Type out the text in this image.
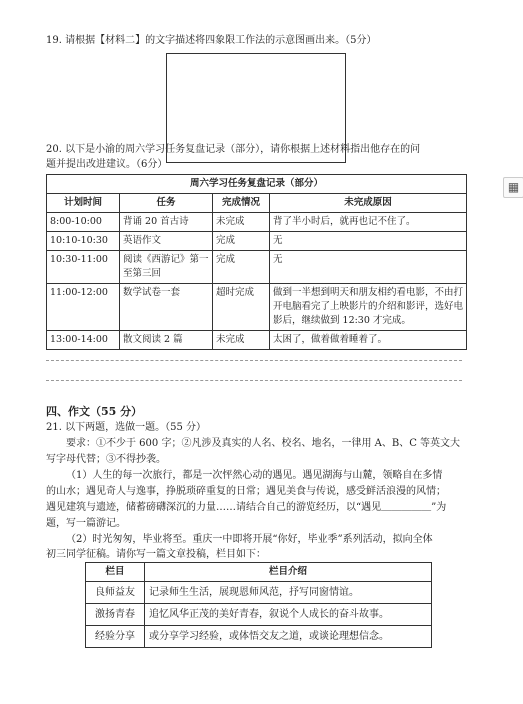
19. 请根据【材料二】的文字描述将四象限工作法的示意图画出来。（5分）
20. 以下是小渝的周六学习任务复盘记录（部分），请你根据上述材料指出他存在的问
题并提出改进建议。（6分）
周六学习任务复盘记录（部分）			
计划时间	任务	完成情况	未完成原因
8:00-10:00	背诵 20 首古诗	未完成	背了半小时后，就再也记不住了。
10:10-10:30	英语作文	完成	无
10:30-11:00	阅读《西游记》第一至第三回	完成	无
11:00-12:00	数学试卷一套	超时完成	做到一半想到明天和朋友相约看电影，不由打开电脑看完了上映影片的介绍和影评，选好电影后，继续做到 12:30 才完成。
13:00-14:00	散文阅读 2 篇	未完成	太困了，做着做着睡着了。
四、作文（55 分）
21. 以下两题，选做一题。（55 分）
要求：①不少于 600 字；②凡涉及真实的人名、校名、地名，一律用 A、B、C 等英文大
写字母代替；③不得抄袭。
（1）人生的每一次旅行，都是一次怦然心动的遇见。遇见湖海与山麓，领略自在多情
的山水；遇见奇人与逸事，挣脱琐碎重复的日常；遇见美食与传说，感受鲜活浪漫的风情；
遇见建筑与遗迹，储蓄磅礴深沉的力量……请结合自己的游览经历，以“遇见＿＿＿＿＿”为
题，写一篇游记。
（2）时光匆匆，毕业将至。重庆一中即将开展“你好，毕业季”系列活动，拟向全体
初三同学征稿。请你写一篇文章投稿，栏目如下：
栏目	栏目介绍
良师益友	记录师生生活，展现恩师风范，抒写同窗情谊。
激扬青春	追忆风华正茂的美好青春，叙说个人成长的奋斗故事。
经验分享	或分享学习经验，或体悟交友之道，或谈论理想信念。
▦
